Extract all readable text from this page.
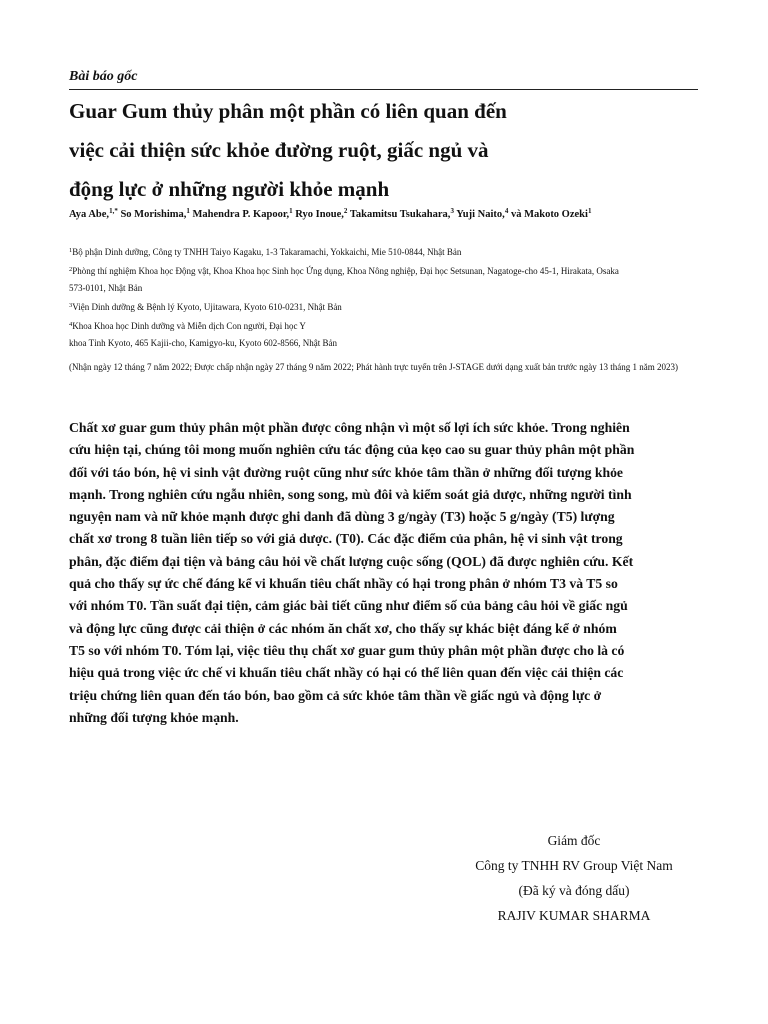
Bài báo gốc
Guar Gum thủy phân một phần có liên quan đến
việc cải thiện sức khỏe đường ruột, giấc ngủ và
động lực ở những người khỏe mạnh
Aya Abe,$^{1,*}$ So Morishima,$^1$ Mahendra P. Kapoor,$^1$ Ryo Inoue,$^2$ Takamitsu Tsukahara,$^3$ Yuji Naito,$^4$ và Makoto Ozeki$^1$
$^1$Bộ phận Dinh dưỡng, Công ty TNHH Taiyo Kagaku, 1-3 Takaramachi, Yokkaichi, Mie 510-0844, Nhật Bản
$^2$Phòng thí nghiệm Khoa học Động vật, Khoa Khoa học Sinh học Ứng dụng, Khoa Nông nghiệp, Đại học Setsunan, Nagatoge-cho 45-1, Hirakata, Osaka
573-0101, Nhật Bản
$^3$Viện Dinh dưỡng & Bệnh lý Kyoto, Ujitawara, Kyoto 610-0231, Nhật Bản
$^4$Khoa Khoa học Dinh dưỡng và Miễn dịch Con người, Đại học Y
khoa Tỉnh Kyoto, 465 Kajii-cho, Kamigyo-ku, Kyoto 602-8566, Nhật Bản
(Nhận ngày 12 tháng 7 năm 2022; Được chấp nhận ngày 27 tháng 9 năm 2022; Phát hành trực tuyến trên J-STAGE dưới dạng xuất bản trước ngày 13 tháng 1 năm 2023)
Chất xơ guar gum thủy phân một phần được công nhận vì một số lợi ích sức khỏe. Trong nghiên
cứu hiện tại, chúng tôi mong muốn nghiên cứu tác động của kẹo cao su guar thủy phân một phần
đối với táo bón, hệ vi sinh vật đường ruột cũng như sức khỏe tâm thần ở những đối tượng khỏe
mạnh. Trong nghiên cứu ngẫu nhiên, song song, mù đôi và kiểm soát giả dược, những người tình
nguyện nam và nữ khỏe mạnh được ghi danh đã dùng 3 g/ngày (T3) hoặc 5 g/ngày (T5) lượng
chất xơ trong 8 tuần liên tiếp so với giả dược. (T0). Các đặc điểm của phân, hệ vi sinh vật trong
phân, đặc điểm đại tiện và bảng câu hỏi về chất lượng cuộc sống (QOL) đã được nghiên cứu. Kết
quả cho thấy sự ức chế đáng kể vi khuẩn tiêu chất nhầy có hại trong phân ở nhóm T3 và T5 so
với nhóm T0. Tần suất đại tiện, cảm giác bài tiết cũng như điểm số của bảng câu hỏi về giấc ngủ
và động lực cũng được cải thiện ở các nhóm ăn chất xơ, cho thấy sự khác biệt đáng kể ở nhóm
T5 so với nhóm T0. Tóm lại, việc tiêu thụ chất xơ guar gum thủy phân một phần được cho là có
hiệu quả trong việc ức chế vi khuẩn tiêu chất nhầy có hại có thể liên quan đến việc cải thiện các
triệu chứng liên quan đến táo bón, bao gồm cả sức khỏe tâm thần về giấc ngủ và động lực ở
những đối tượng khỏe mạnh.
Giám đốc
Công ty TNHH RV Group Việt Nam
(Đã ký và đóng dấu)
RAJIV KUMAR SHARMA
